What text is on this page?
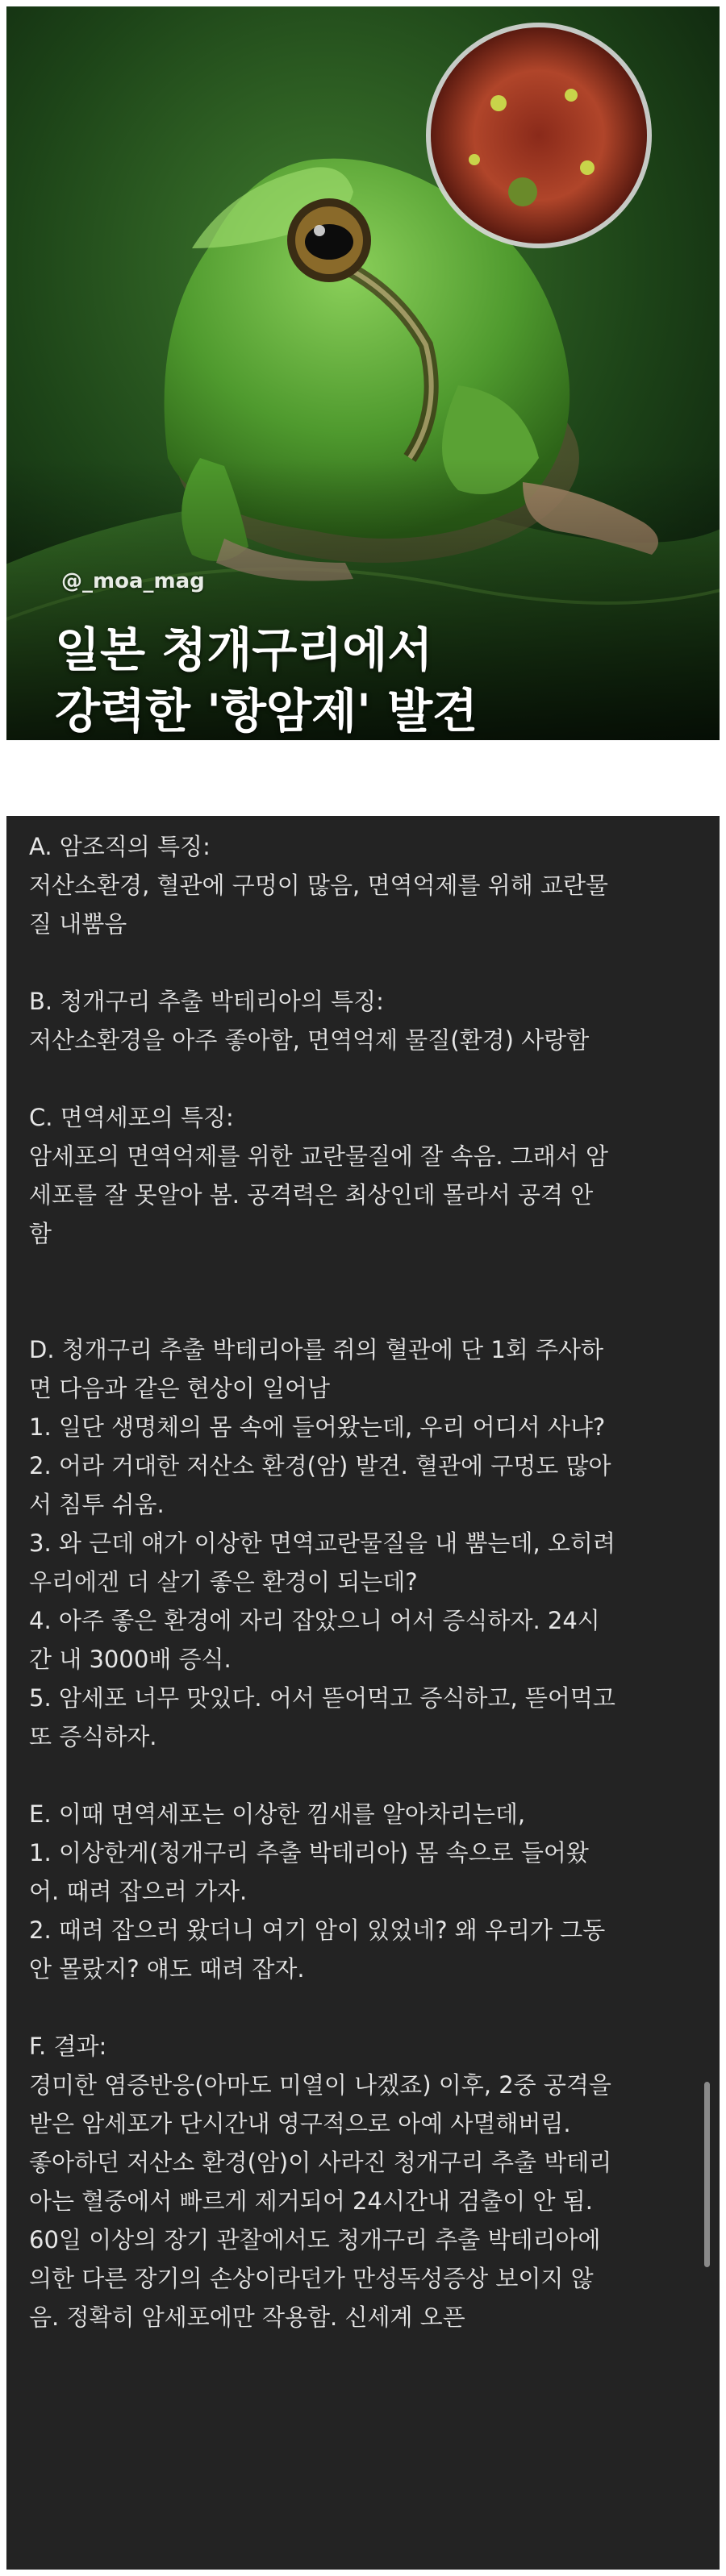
@_moa_mag
일본 청개구리에서
강력한 '항암제' 발견
A. 암조직의 특징:
저산소환경, 혈관에 구멍이 많음, 면역억제를 위해 교란물
질 내뿜음
B. 청개구리 추출 박테리아의 특징:
저산소환경을 아주 좋아함, 면역억제 물질(환경) 사랑함
C. 면역세포의 특징:
암세포의 면역억제를 위한 교란물질에 잘 속음. 그래서 암
세포를 잘 못알아 봄. 공격력은 최상인데 몰라서 공격 안
함
D. 청개구리 추출 박테리아를 쥐의 혈관에 단 1회 주사하
면 다음과 같은 현상이 일어남
1. 일단 생명체의 몸 속에 들어왔는데, 우리 어디서 사냐?
2. 어라 거대한 저산소 환경(암) 발견. 혈관에 구멍도 많아
서 침투 쉬움.
3. 와 근데 얘가 이상한 면역교란물질을 내 뿜는데, 오히려
우리에겐 더 살기 좋은 환경이 되는데?
4. 아주 좋은 환경에 자리 잡았으니 어서 증식하자. 24시
간 내 3000배 증식.
5. 암세포 너무 맛있다. 어서 뜯어먹고 증식하고, 뜯어먹고
또 증식하자.
E. 이때 면역세포는 이상한 낌새를 알아차리는데,
1. 이상한게(청개구리 추출 박테리아) 몸 속으로 들어왔
어. 때려 잡으러 가자.
2. 때려 잡으러 왔더니 여기 암이 있었네? 왜 우리가 그동
안 몰랐지? 얘도 때려 잡자.
F. 결과:
경미한 염증반응(아마도 미열이 나겠죠) 이후, 2중 공격을
받은 암세포가 단시간내 영구적으로 아예 사멸해버림.
좋아하던 저산소 환경(암)이 사라진 청개구리 추출 박테리
아는 혈중에서 빠르게 제거되어 24시간내 검출이 안 됨.
60일 이상의 장기 관찰에서도 청개구리 추출 박테리아에
의한 다른 장기의 손상이라던가 만성독성증상 보이지 않
음. 정확히 암세포에만 작용함. 신세계 오픈
